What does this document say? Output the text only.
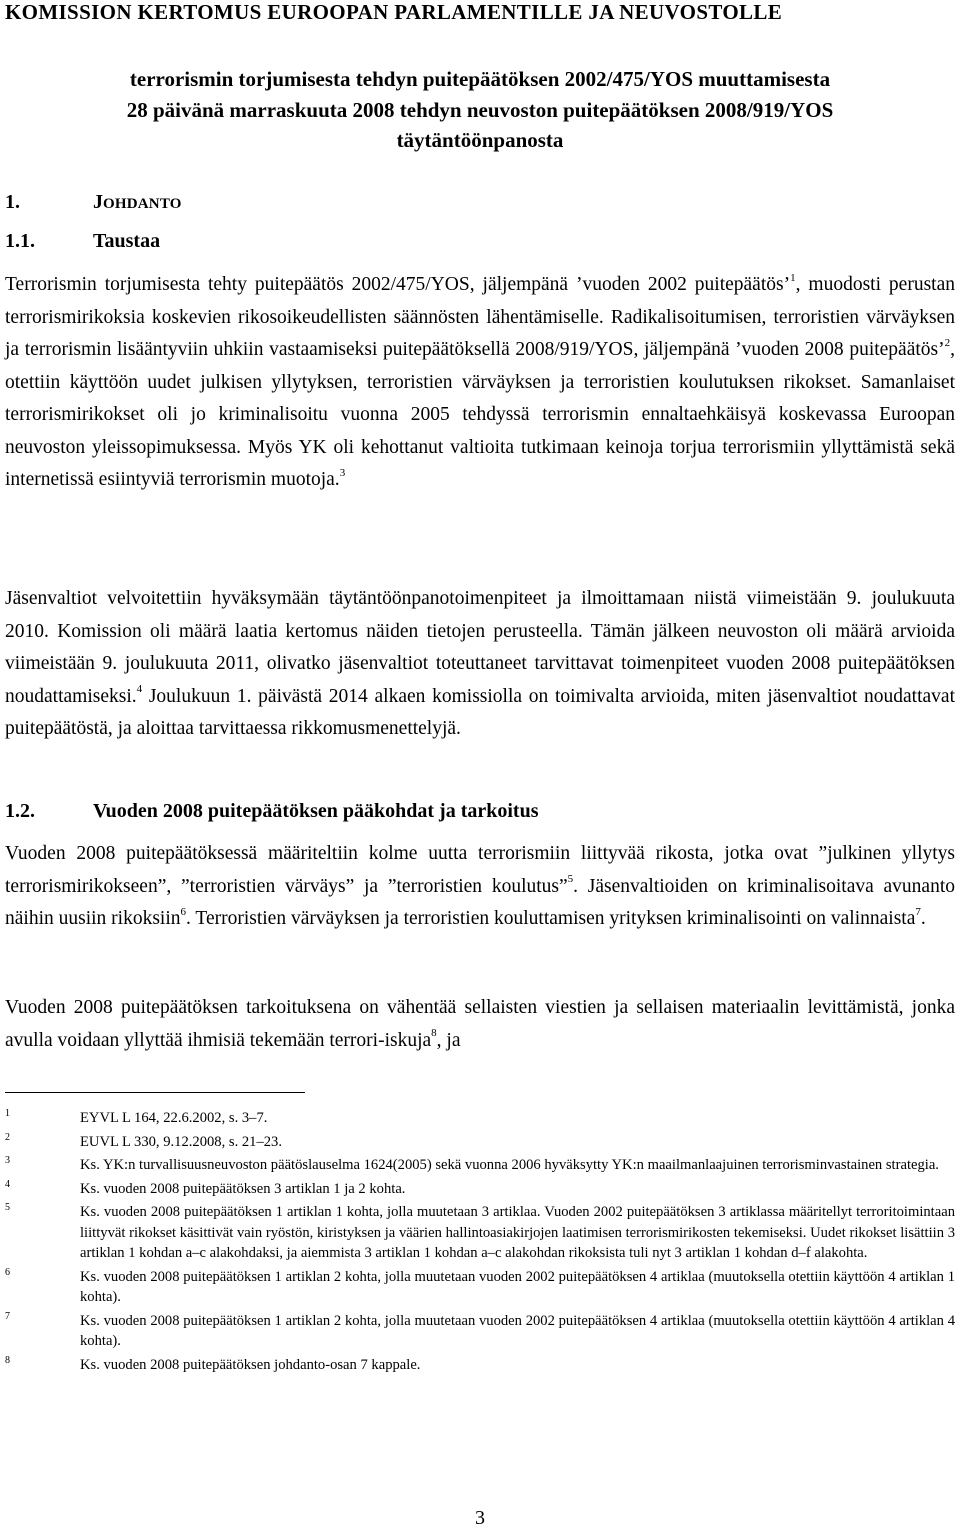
KOMISSION KERTOMUS EUROOPAN PARLAMENTILLE JA NEUVOSTOLLE

terrorismin torjumisesta tehdyn puitepäätöksen 2002/475/YOS muuttamisesta

28 päivänä marraskuuta 2008 tehdyn neuvoston puitepäätöksen 2008/919/YOS

täytäntöönpanosta

1.	JOHDANTO
1.1.	Taustaa

Terrorismin torjumisesta tehty puitepäätös 2002/475/YOS, jäljempänä ’vuoden 2002 puitepäätös’$^1$, muodosti perustan terrorismirikoksia koskevien rikosoikeudellisten säännösten lähentämiselle. Radikalisoitumisen, terroristien värväyksen ja terrorismin lisääntyviin uhkiin vastaamiseksi puitepäätöksellä 2008/919/YOS, jäljempänä ’vuoden 2008 puitepäätös’$^2$, otettiin käyttöön uudet julkisen yllytyksen, terroristien värväyksen ja terroristien koulutuksen rikokset. Samanlaiset terrorismirikokset oli jo kriminalisoitu vuonna 2005 tehdyssä terrorismin ennaltaehkäisyä koskevassa Euroopan neuvoston yleissopimuksessa. Myös YK oli kehottanut valtioita tutkimaan keinoja torjua terrorismiin yllyttämistä sekä internetissä esiintyviä terrorismin muotoja.$^3$

Jäsenvaltiot velvoitettiin hyväksymään täytäntöönpanotoimenpiteet ja ilmoittamaan niistä viimeistään 9. joulukuuta 2010. Komission oli määrä laatia kertomus näiden tietojen perusteella. Tämän jälkeen neuvoston oli määrä arvioida viimeistään 9. joulukuuta 2011, olivatko jäsenvaltiot toteuttaneet tarvittavat toimenpiteet vuoden 2008 puitepäätöksen noudattamiseksi.$^4$ Joulukuun 1. päivästä 2014 alkaen komissiolla on toimivalta arvioida, miten jäsenvaltiot noudattavat puitepäätöstä, ja aloittaa tarvittaessa rikkomusmenettelyjä.

1.2.	Vuoden 2008 puitepäätöksen pääkohdat ja tarkoitus

Vuoden 2008 puitepäätöksessä määriteltiin kolme uutta terrorismiin liittyvää rikosta, jotka ovat ”julkinen yllytys terrorismirikokseen”, ”terroristien värväys” ja ”terroristien koulutus”$^5$. Jäsenvaltioiden on kriminalisoitava avunanto näihin uusiin rikoksiin$^6$. Terroristien värväyksen ja terroristien kouluttamisen yrityksen kriminalisointi on valinnaista$^7$.

Vuoden 2008 puitepäätöksen tarkoituksena on vähentää sellaisten viestien ja sellaisen materiaalin levittämistä, jonka avulla voidaan yllyttää ihmisiä tekemään terrori-iskuja$^8$, ja

1	EYVL L 164, 22.6.2002, s. 3–7.
2	EUVL L 330, 9.12.2008, s. 21–23.
3	Ks. YK:n turvallisuusneuvoston päätöslauselma 1624(2005) sekä vuonna 2006 hyväksytty YK:n maailmanlaajuinen terrorisminvastainen strategia.
4	Ks. vuoden 2008 puitepäätöksen 3 artiklan 1 ja 2 kohta.
5	Ks. vuoden 2008 puitepäätöksen 1 artiklan 1 kohta, jolla muutetaan 3 artiklaa. Vuoden 2002 puitepäätöksen 3 artiklassa määritellyt terroritoimintaan liittyvät rikokset käsittivät vain ryöstön, kiristyksen ja väärien hallintoasiakirjojen laatimisen terrorismirikosten tekemiseksi. Uudet rikokset lisättiin 3 artiklan 1 kohdan a–c alakohdaksi, ja aiemmista 3 artiklan 1 kohdan a–c alakohdan rikoksista tuli nyt 3 artiklan 1 kohdan d–f alakohta.
6	Ks. vuoden 2008 puitepäätöksen 1 artiklan 2 kohta, jolla muutetaan vuoden 2002 puitepäätöksen 4 artiklaa (muutoksella otettiin käyttöön 4 artiklan 1 kohta).
7	Ks. vuoden 2008 puitepäätöksen 1 artiklan 2 kohta, jolla muutetaan vuoden 2002 puitepäätöksen 4 artiklaa (muutoksella otettiin käyttöön 4 artiklan 4 kohta).
8	Ks. vuoden 2008 puitepäätöksen johdanto-osan 7 kappale.
3
